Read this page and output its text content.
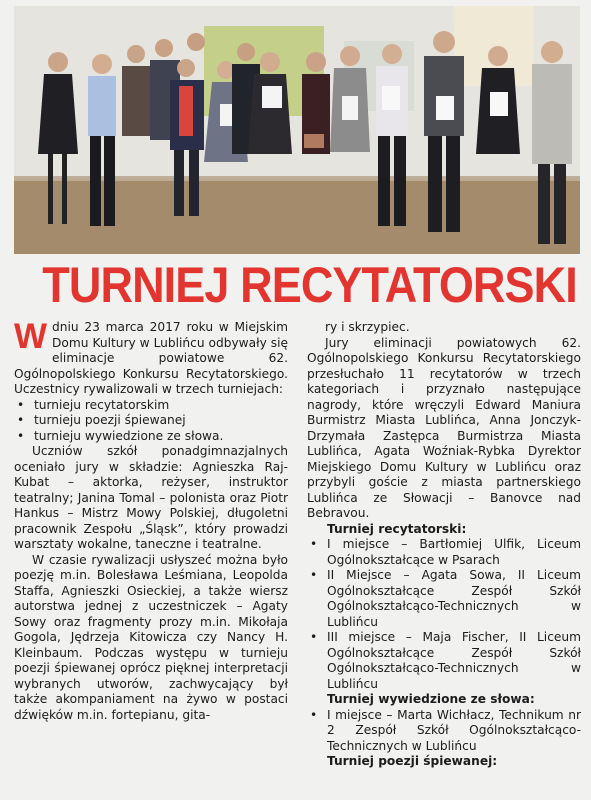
TURNIEJ RECYTATORSKI

W dniu 23 marca 2017 roku w Miejskim Domu Kultury w Lublińcu odbywały się eliminacje powiatowe 62. Ogólnopolskiego Konkursu Recytatorskiego. Uczestnicy rywalizowali w trzech turniejach:

• turnieju recytatorskim
• turnieju poezji śpiewanej
• turnieju wywiedzione ze słowa.

Uczniów szkół ponadgimnazjalnych oceniało jury w składzie: Agnieszka Raj-Kubat – aktorka, reżyser, instruktor teatralny; Janina Tomal – polonista oraz Piotr Hankus – Mistrz Mowy Polskiej, długoletni pracownik Zespołu „Śląsk”, który prowadzi warsztaty wokalne, taneczne i teatralne.

W czasie rywalizacji usłyszeć można było poezję m.in. Bolesława Leśmiana, Leopolda Staffa, Agnieszki Osieckiej, a także wiersz autorstwa jednej z uczestniczek – Agaty Sowy oraz fragmenty prozy m.in. Mikołaja Gogola, Jędrzeja Kitowicza czy Nancy H. Kleinbaum. Podczas występu w turnieju poezji śpiewanej oprócz pięknej interpretacji wybranych utworów, zachwycający był także akompaniament na żywo w postaci dźwięków m.in. fortepianu, gita-

ry i skrzypiec.

Jury eliminacji powiatowych 62. Ogólnopolskiego Konkursu Recytatorskiego przesłuchało 11 recytatorów w trzech kategoriach i przyznało następujące nagrody, które wręczyli Edward Maniura Burmistrz Miasta Lublińca, Anna Jonczyk-Drzymała Zastępca Burmistrza Miasta Lublińca, Agata Woźniak-Rybka Dyrektor Miejskiego Domu Kultury w Lublińcu oraz przybyli goście z miasta partnerskiego Lublińca ze Słowacji – Banovce nad Bebravou.

Turniej recytatorski:

• I miejsce – Bartłomiej Ulfik, Liceum Ogólnokształcące w Psarach
• II Miejsce – Agata Sowa, II Liceum Ogólnokształcące Zespół Szkół Ogólnokształcąco-Technicznych w Lublińcu
• III miejsce – Maja Fischer, II Liceum Ogólnokształcące Zespół Szkół Ogólnokształcąco-Technicznych w Lublińcu

Turniej wywiedzione ze słowa:

• I miejsce – Marta Wichłacz, Technikum nr 2 Zespół Szkół Ogólnokształcąco-Technicznych w Lublińcu

Turniej poezji śpiewanej:
